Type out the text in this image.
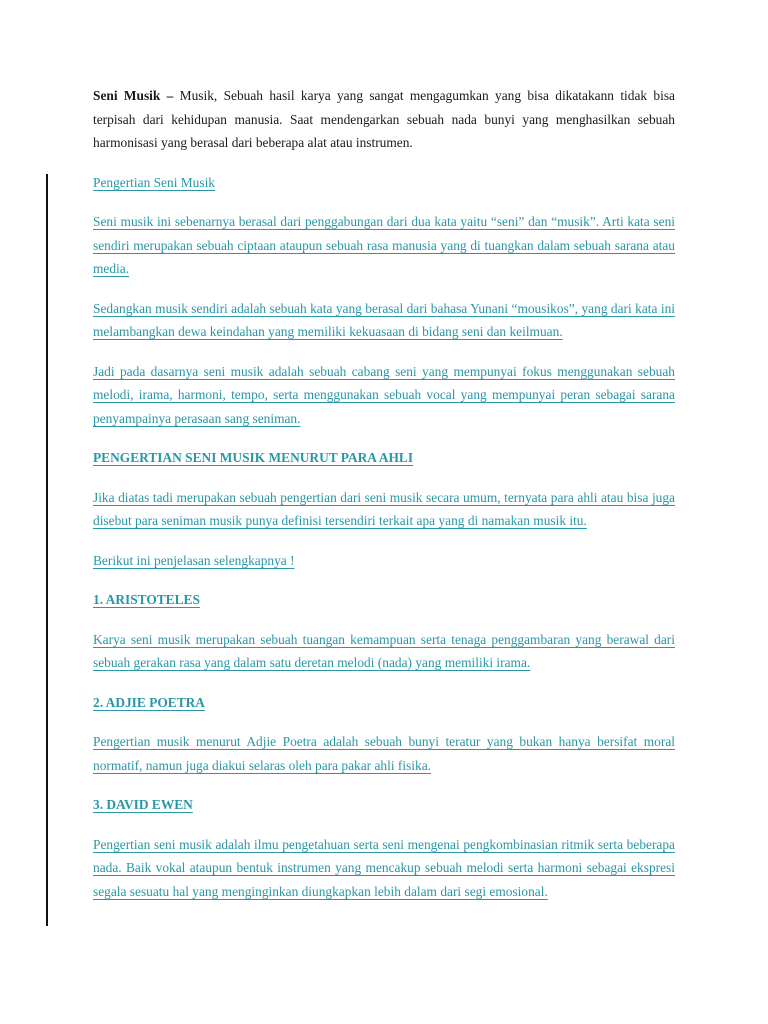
Seni Musik – Musik, Sebuah hasil karya yang sangat mengagumkan yang bisa dikatakann tidak bisa terpisah dari kehidupan manusia. Saat mendengarkan sebuah nada bunyi yang menghasilkan sebuah harmonisasi yang berasal dari beberapa alat atau instrumen.

Pengertian Seni Musik

Seni musik ini sebenarnya berasal dari penggabungan dari dua kata yaitu “seni” dan “musik”. Arti kata seni sendiri merupakan sebuah ciptaan ataupun sebuah rasa manusia yang di tuangkan dalam sebuah sarana atau media.

Sedangkan musik sendiri adalah sebuah kata yang berasal dari bahasa Yunani “mousikos”, yang dari kata ini melambangkan dewa keindahan yang memiliki kekuasaan di bidang seni dan keilmuan.

Jadi pada dasarnya seni musik adalah sebuah cabang seni yang mempunyai fokus menggunakan sebuah melodi, irama, harmoni, tempo, serta menggunakan sebuah vocal yang mempunyai peran sebagai sarana penyampainya perasaan sang seniman.

PENGERTIAN SENI MUSIK MENURUT PARA AHLI

Jika diatas tadi merupakan sebuah pengertian dari seni musik secara umum, ternyata para ahli atau bisa juga disebut para seniman musik punya definisi tersendiri terkait apa yang di namakan musik itu.

Berikut ini penjelasan selengkapnya !

1. ARISTOTELES

Karya seni musik merupakan sebuah tuangan kemampuan serta tenaga penggambaran yang berawal dari sebuah gerakan rasa yang dalam satu deretan melodi (nada) yang memiliki irama.

2. ADJIE POETRA

Pengertian musik menurut Adjie Poetra adalah sebuah bunyi teratur yang bukan hanya bersifat moral normatif, namun juga diakui selaras oleh para pakar ahli fisika.

3. DAVID EWEN

Pengertian seni musik adalah ilmu pengetahuan serta seni mengenai pengkombinasian ritmik serta beberapa nada. Baik vokal ataupun bentuk instrumen yang mencakup sebuah melodi serta harmoni sebagai ekspresi segala sesuatu hal yang menginginkan diungkapkan lebih dalam dari segi emosional.
